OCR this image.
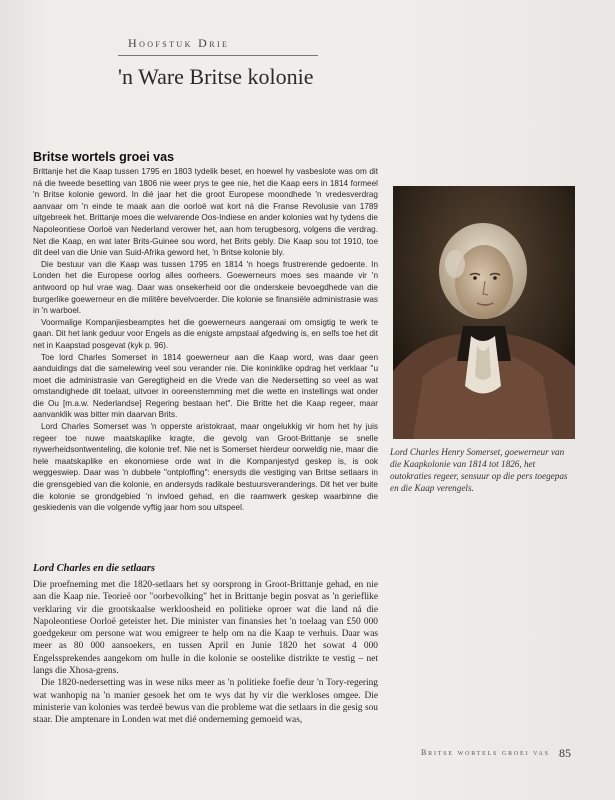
Hoofstuk Drie
'n Ware Britse kolonie
Britse wortels groei vas

Brittanje het die Kaap tussen 1795 en 1803 tydelik beset, en hoewel hy vasbeslote was om dit ná die tweede besetting van 1806 nie weer prys te gee nie, het die Kaap eers in 1814 formeel 'n Britse kolonie geword. In dié jaar het die groot Europese moondhede 'n vredesverdrag aanvaar om 'n einde te maak aan die oorloë wat kort ná die Franse Revolusie van 1789 uitgebreek het. Brittanje moes die welvarende Oos-Indiese en ander kolonies wat hy tydens die Napoleontiese Oorloë van Nederland verower het, aan hom terugbesorg, volgens die verdrag. Net die Kaap, en wat later Brits-Guinee sou word, het Brits gebly. Die Kaap sou tot 1910, toe dit deel van die Unie van Suid-Afrika geword het, 'n Britse kolonie bly.

Die bestuur van die Kaap was tussen 1795 en 1814 'n hoegs frustrerende gedoente. In Londen het die Europese oorlog alles oorheers. Goewerneurs moes ses maande vir 'n antwoord op hul vrae wag. Daar was onsekerheid oor die onderskeie bevoegdhede van die burgerlike goewerneur en die militêre bevelvoerder. Die kolonie se finansiële administrasie was in 'n warboel.

Voormalige Kompanjiesbeamptes het die goewerneurs aangeraai om omsigtig te werk te gaan. Dit het lank geduur voor Engels as die enigste ampstaal afgedwing is, en selfs toe het dit net in Kaapstad posgevat (kyk p. 96).

Toe lord Charles Somerset in 1814 goewerneur aan die Kaap word, was daar geen aanduidings dat die samelewing veel sou verander nie. Die koninklike opdrag het verklaar "u moet die administrasie van Geregtigheid en die Vrede van die Nedersetting so veel as wat omstandighede dit toelaat, uitvoer in ooreenstemming met die wette en instellings wat onder die Ou [m.a.w. Nederlandse] Regering bestaan het". Die Britte het die Kaap regeer, maar aanvanklik was bitter min daarvan Brits.

Lord Charles Somerset was 'n opperste aristokraat, maar ongelukkig vir hom het hy juis regeer toe nuwe maatskaplike kragte, die gevolg van Groot-Brittanje se snelle nywerheidsontwenteling, die kolonie tref. Nie net is Somerset hierdeur oorweldig nie, maar die hele maatskaplike en ekonomiese orde wat in die Kompanjestyd geskep is, is ook weggeswiep. Daar was 'n dubbele "ontploffing": enersyds die vestiging van Britse setlaars in die grensgebied van die kolonie, en andersyds radikale bestuursveranderings. Dit het ver buite die kolonie se grondgebied 'n invloed gehad, en die raamwerk geskep waarbinne die geskiedenis van die volgende vyftig jaar hom sou uitspeel.

Lord Charles en die setlaars

Die proefneming met die 1820-setlaars het sy oorsprong in Groot-Brittanje gehad, en nie aan die Kaap nie. Teorieë oor "oorbevolking" het in Brittanje begin posvat as 'n gerieflike verklaring vir die grootskaalse werkloosheid en politieke oproer wat die land ná die Napoleontiese Oorloë geteister het. Die minister van finansies het 'n toelaag van £50 000 goedgekeur om persone wat wou emigreer te help om na die Kaap te verhuis. Daar was meer as 80 000 aansoekers, en tussen April en Junie 1820 het sowat 4 000 Engelssprekendes aangekom om hulle in die kolonie se oostelike distrikte te vestig – net langs die Xhosa-grens.

Die 1820-nedersetting was in wese niks meer as 'n politieke foefie deur 'n Tory-regering wat wanhopig na 'n manier gesoek het om te wys dat hy vir die werkloses omgee. Die ministerie van kolonies was terdeë bewus van die probleme wat die setlaars in die gesig sou staar. Die amptenare in Londen wat met dié onderneming gemoeid was,

Lord Charles Henry Somerset, goewerneur van die Kaapkolonie van 1814 tot 1826, het outokraties regeer, sensuur op die pers toegepas en die Kaap verengels.
Britse wortels groei vas 85
